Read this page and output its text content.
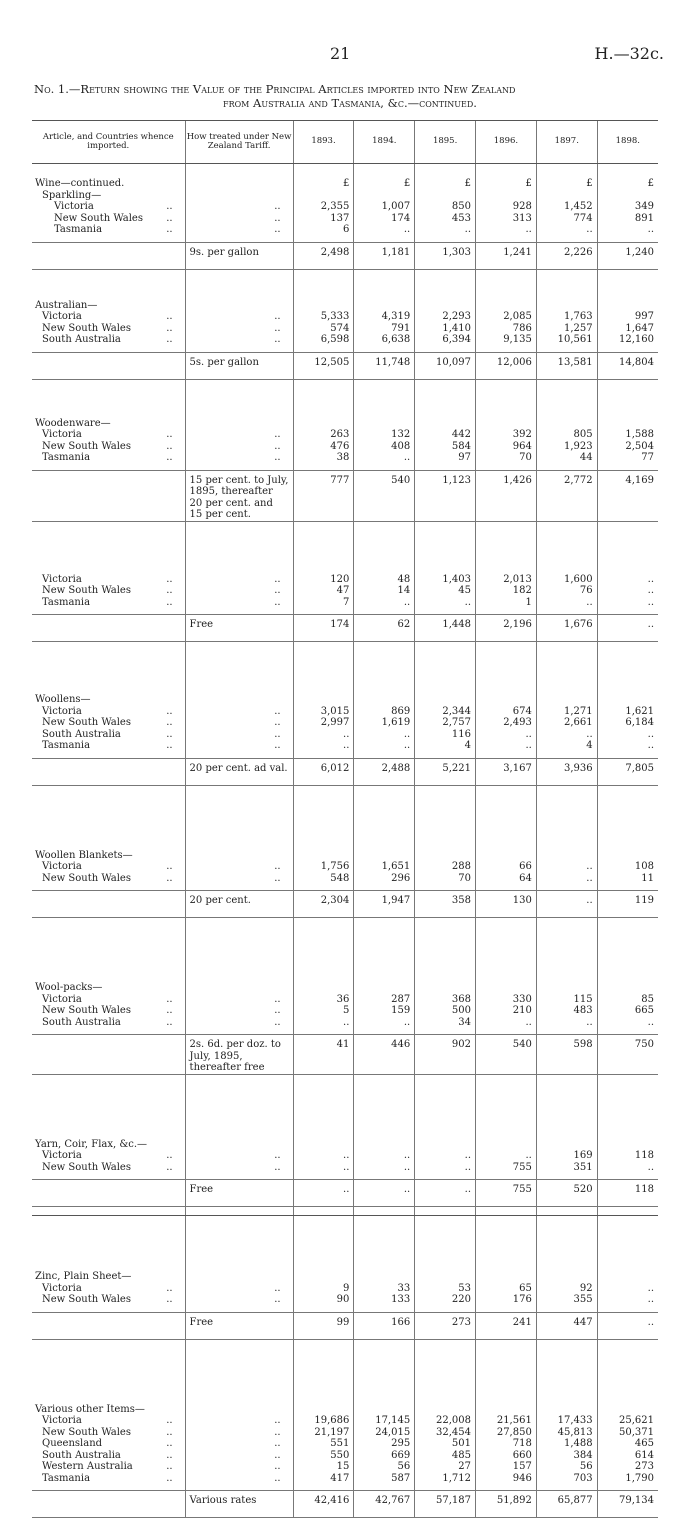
21	H.—32c.
No. 1.—Return showing the Value of the Principal Articles imported into New Zealand
from Australia and Tasmania, &c.—continued.
Article, and Countries whence imported.	How treated under New Zealand Tariff.	1893.	1894.	1895.	1896.	1897.	1898.

Wine—continued.		£	£	£	£	£	£
Sparkling—							

Victoria ..	..	2,355	1,007	850	928	1,452	349

New South Wales ..	..	137	174	453	313	774	891

Tasmania ..	..	6	..	..	..	..	..

	9s. per gallon	2,498	1,181	1,303	1,241	2,226	1,240

Australian—							

Victoria ..	..	5,333	4,319	2,293	2,085	1,763	997

New South Wales ..	..	574	791	1,410	786	1,257	1,647

South Australia ..	..	6,598	6,638	6,394	9,135	10,561	12,160

	5s. per gallon	12,505	11,748	10,097	12,006	13,581	14,804

Woodenware—							

Victoria ..	..	263	132	442	392	805	1,588

New South Wales ..	..	476	408	584	964	1,923	2,504

Tasmania ..	..	38	..	97	70	44	77

	15 per cent. to July, 1895, thereafter 20 per cent. and 15 per cent.	777	540	1,123	1,426	2,772	4,169

Victoria ..	..	120	48	1,403	2,013	1,600	..

New South Wales ..	..	47	14	45	182	76	..

Tasmania ..	..	7	..	..	1	..	..

	Free	174	62	1,448	2,196	1,676	..

Woollens—							

Victoria ..	..	3,015	869	2,344	674	1,271	1,621

New South Wales ..	..	2,997	1,619	2,757	2,493	2,661	6,184

South Australia ..	..	..	..	116	..	..	..

Tasmania ..	..	..	..	4	..	4	..

	20 per cent. ad val.	6,012	2,488	5,221	3,167	3,936	7,805

Woollen Blankets—							

Victoria ..	..	1,756	1,651	288	66	..	108

New South Wales ..	..	548	296	70	64	..	11

	20 per cent.	2,304	1,947	358	130	..	119

Wool-packs—							

Victoria ..	..	36	287	368	330	115	85

New South Wales ..	..	5	159	500	210	483	665

South Australia ..	..	..	..	34	..	..	..

	2s. 6d. per doz. to July, 1895, thereafter free	41	446	902	540	598	750

Yarn, Coir, Flax, &c.—							

Victoria ..	..	..	..	..	..	169	118

New South Wales ..	..	..	..	..	755	351	..

	Free	..	..	..	755	520	118

Zinc, Plain Sheet—							

Victoria ..	..	9	33	53	65	92	..

New South Wales ..	..	90	133	220	176	355	..

	Free	99	166	273	241	447	..

Various other Items—							

Victoria ..	..	19,686	17,145	22,008	21,561	17,433	25,621

New South Wales ..	..	21,197	24,015	32,454	27,850	45,813	50,371

Queensland ..	..	551	295	501	718	1,488	465

South Australia ..	..	550	669	485	660	384	614

Western Australia ..	..	15	56	27	157	56	273

Tasmania ..	..	417	587	1,712	946	703	1,790

	Various rates	42,416	42,767	57,187	51,892	65,877	79,134
